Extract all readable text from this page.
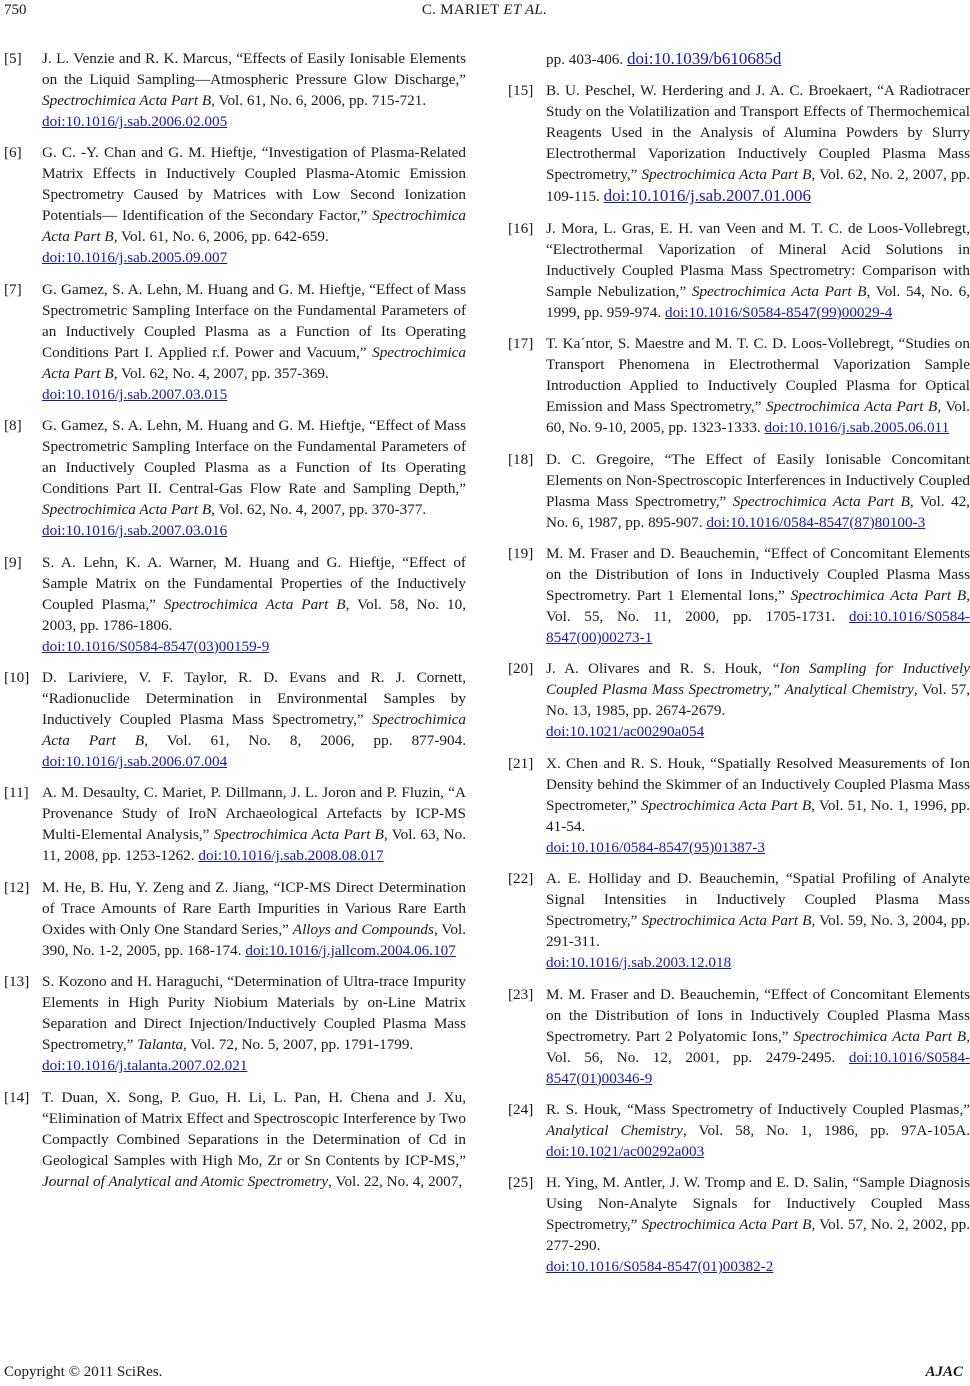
750	C. MARIET ET AL.
[5] J. L. Venzie and R. K. Marcus, “Effects of Easily Ionisable Elements on the Liquid Sampling―Atmospheric Pressure Glow Discharge,” Spectrochimica Acta Part B, Vol. 61, No. 6, 2006, pp. 715-721.
doi:10.1016/j.sab.2006.02.005
[6] G. C. -Y. Chan and G. M. Hieftje, “Investigation of Plasma-Related Matrix Effects in Inductively Coupled Plasma-Atomic Emission Spectrometry Caused by Matrices with Low Second Ionization Potentials― Identification of the Secondary Factor,” Spectrochimica Acta Part B, Vol. 61, No. 6, 2006, pp. 642-659.
doi:10.1016/j.sab.2005.09.007
[7] G. Gamez, S. A. Lehn, M. Huang and G. M. Hieftje, “Effect of Mass Spectrometric Sampling Interface on the Fundamental Parameters of an Inductively Coupled Plasma as a Function of Its Operating Conditions Part I. Applied r.f. Power and Vacuum,” Spectrochimica Acta Part B, Vol. 62, No. 4, 2007, pp. 357-369.
doi:10.1016/j.sab.2007.03.015
[8] G. Gamez, S. A. Lehn, M. Huang and G. M. Hieftje, “Effect of Mass Spectrometric Sampling Interface on the Fundamental Parameters of an Inductively Coupled Plasma as a Function of Its Operating Conditions Part II. Central-Gas Flow Rate and Sampling Depth,” Spectrochimica Acta Part B, Vol. 62, No. 4, 2007, pp. 370-377.
doi:10.1016/j.sab.2007.03.016
[9] S. A. Lehn, K. A. Warner, M. Huang and G. Hieftje, “Effect of Sample Matrix on the Fundamental Properties of the Inductively Coupled Plasma,” Spectrochimica Acta Part B, Vol. 58, No. 10, 2003, pp. 1786-1806.
doi:10.1016/S0584-8547(03)00159-9
[10] D. Lariviere, V. F. Taylor, R. D. Evans and R. J. Cornett, “Radionuclide Determination in Environmental Samples by Inductively Coupled Plasma Mass Spectrometry,” Spectrochimica Acta Part B, Vol. 61, No. 8, 2006, pp. 877-904. doi:10.1016/j.sab.2006.07.004
[11] A. M. Desaulty, C. Mariet, P. Dillmann, J. L. Joron and P. Fluzin, “A Provenance Study of IroN Archaeological Artefacts by ICP-MS Multi-Elemental Analysis,” Spectrochimica Acta Part B, Vol. 63, No. 11, 2008, pp. 1253-1262. doi:10.1016/j.sab.2008.08.017
[12] M. He, B. Hu, Y. Zeng and Z. Jiang, “ICP-MS Direct Determination of Trace Amounts of Rare Earth Impurities in Various Rare Earth Oxides with Only One Standard Series,” Alloys and Compounds, Vol. 390, No. 1-2, 2005, pp. 168-174. doi:10.1016/j.jallcom.2004.06.107
[13] S. Kozono and H. Haraguchi, “Determination of Ultra-trace Impurity Elements in High Purity Niobium Materials by on-Line Matrix Separation and Direct Injection/Inductively Coupled Plasma Mass Spectrometry,” Talanta, Vol. 72, No. 5, 2007, pp. 1791-1799.
doi:10.1016/j.talanta.2007.02.021
[14] T. Duan, X. Song, P. Guo, H. Li, L. Pan, H. Chena and J. Xu, “Elimination of Matrix Effect and Spectroscopic Interference by Two Compactly Combined Separations in the Determination of Cd in Geological Samples with High Mo, Zr or Sn Contents by ICP-MS,” Journal of Analytical and Atomic Spectrometry, Vol. 22, No. 4, 2007,
pp. 403-406. doi:10.1039/b610685d
[15] B. U. Peschel, W. Herdering and J. A. C. Broekaert, “A Radiotracer Study on the Volatilization and Transport Effects of Thermochemical Reagents Used in the Analysis of Alumina Powders by Slurry Electrothermal Vaporization Inductively Coupled Plasma Mass Spectrometry,” Spectrochimica Acta Part B, Vol. 62, No. 2, 2007, pp. 109-115. doi:10.1016/j.sab.2007.01.006
[16] J. Mora, L. Gras, E. H. van Veen and M. T. C. de Loos-Vollebregt, “Electrothermal Vaporization of Mineral Acid Solutions in Inductively Coupled Plasma Mass Spectrometry: Comparison with Sample Nebulization,” Spectrochimica Acta Part B, Vol. 54, No. 6, 1999, pp. 959-974. doi:10.1016/S0584-8547(99)00029-4
[17] T. Ka´ntor, S. Maestre and M. T. C. D. Loos-Vollebregt, “Studies on Transport Phenomena in Electrothermal Vaporization Sample Introduction Applied to Inductively Coupled Plasma for Optical Emission and Mass Spectrometry,” Spectrochimica Acta Part B, Vol. 60, No. 9-10, 2005, pp. 1323-1333. doi:10.1016/j.sab.2005.06.011
[18] D. C. Gregoire, “The Effect of Easily Ionisable Concomitant Elements on Non-Spectroscopic Interferences in Inductively Coupled Plasma Mass Spectrometry,” Spectrochimica Acta Part B, Vol. 42, No. 6, 1987, pp. 895-907. doi:10.1016/0584-8547(87)80100-3
[19] M. M. Fraser and D. Beauchemin, “Effect of Concomitant Elements on the Distribution of Ions in Inductively Coupled Plasma Mass Spectrometry. Part 1 Elemental Ions,” Spectrochimica Acta Part B, Vol. 55, No. 11, 2000, pp. 1705-1731. doi:10.1016/S0584-8547(00)00273-1
[20] J. A. Olivares and R. S. Houk, “Ion Sampling for Inductively Coupled Plasma Mass Spectrometry,” Analytical Chemistry, Vol. 57, No. 13, 1985, pp. 2674-2679.
doi:10.1021/ac00290a054
[21] X. Chen and R. S. Houk, “Spatially Resolved Measurements of Ion Density behind the Skimmer of an Inductively Coupled Plasma Mass Spectrometer,” Spectrochimica Acta Part B, Vol. 51, No. 1, 1996, pp. 41-54.
doi:10.1016/0584-8547(95)01387-3
[22] A. E. Holliday and D. Beauchemin, “Spatial Profiling of Analyte Signal Intensities in Inductively Coupled Plasma Mass Spectrometry,” Spectrochimica Acta Part B, Vol. 59, No. 3, 2004, pp. 291-311.
doi:10.1016/j.sab.2003.12.018
[23] M. M. Fraser and D. Beauchemin, “Effect of Concomitant Elements on the Distribution of Ions in Inductively Coupled Plasma Mass Spectrometry. Part 2 Polyatomic Ions,” Spectrochimica Acta Part B, Vol. 56, No. 12, 2001, pp. 2479-2495. doi:10.1016/S0584-8547(01)00346-9
[24] R. S. Houk, “Mass Spectrometry of Inductively Coupled Plasmas,” Analytical Chemistry, Vol. 58, No. 1, 1986, pp. 97A-105A. doi:10.1021/ac00292a003
[25] H. Ying, M. Antler, J. W. Tromp and E. D. Salin, “Sample Diagnosis Using Non-Analyte Signals for Inductively Coupled Mass Spectrometry,” Spectrochimica Acta Part B, Vol. 57, No. 2, 2002, pp. 277-290.
doi:10.1016/S0584-8547(01)00382-2
Copyright © 2011 SciRes.	AJAC
